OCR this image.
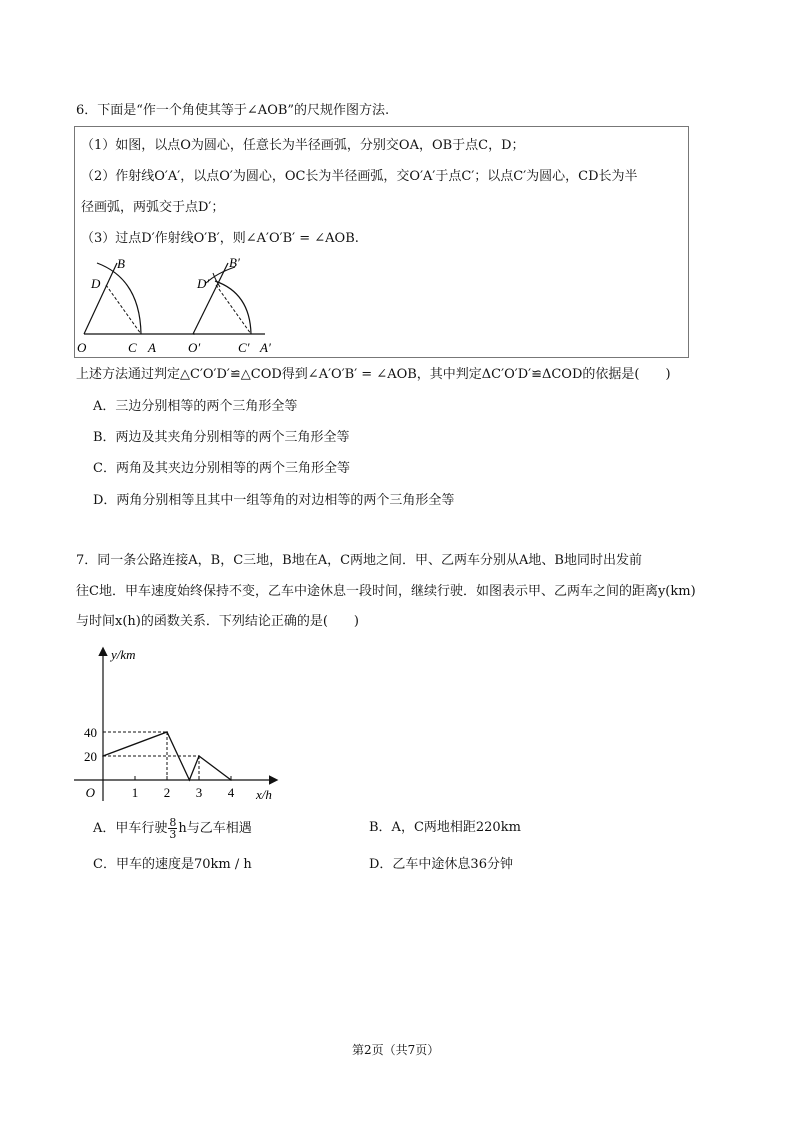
6．下面是“作一个角使其等于∠AOB”的尺规作图方法.
（1）如图，以点O为圆心，任意长为半径画弧，分别交OA，OB于点C，D；
（2）作射线O′A′，以点O′为圆心，OC长为半径画弧，交O′A′于点C′；以点C′为圆心，CD长为半
径画弧，两弧交于点D′；
（3）过点D′作射线O′B′，则∠A′O′B′ = ∠AOB.
B
D
O	C A
B′
D′
O′	C′ A′
上述方法通过判定△C′O′D′≌△COD得到∠A′O′B′ = ∠AOB，其中判定ΔC′O′D′≌ΔCOD的依据是(　　)
A．三边分别相等的两个三角形全等
B．两边及其夹角分别相等的两个三角形全等
C．两角及其夹边分别相等的两个三角形全等
D．两角分别相等且其中一组等角的对边相等的两个三角形全等
7．同一条公路连接A，B，C三地，B地在A，C两地之间．甲、乙两车分别从A地、B地同时出发前
往C地．甲车速度始终保持不变，乙车中途休息一段时间，继续行驶．如图表示甲、乙两车之间的距离y(km)
与时间x(h)的函数关系．下列结论正确的是(　　)
1 2 3 4
20
40
O	x/h
y/km
A．甲车行驶 $\frac{8}{3}$ h与乙车相遇	B．A，C两地相距220km
C．甲车的速度是70km / h	D．乙车中途休息36分钟
第2页（共7页）
